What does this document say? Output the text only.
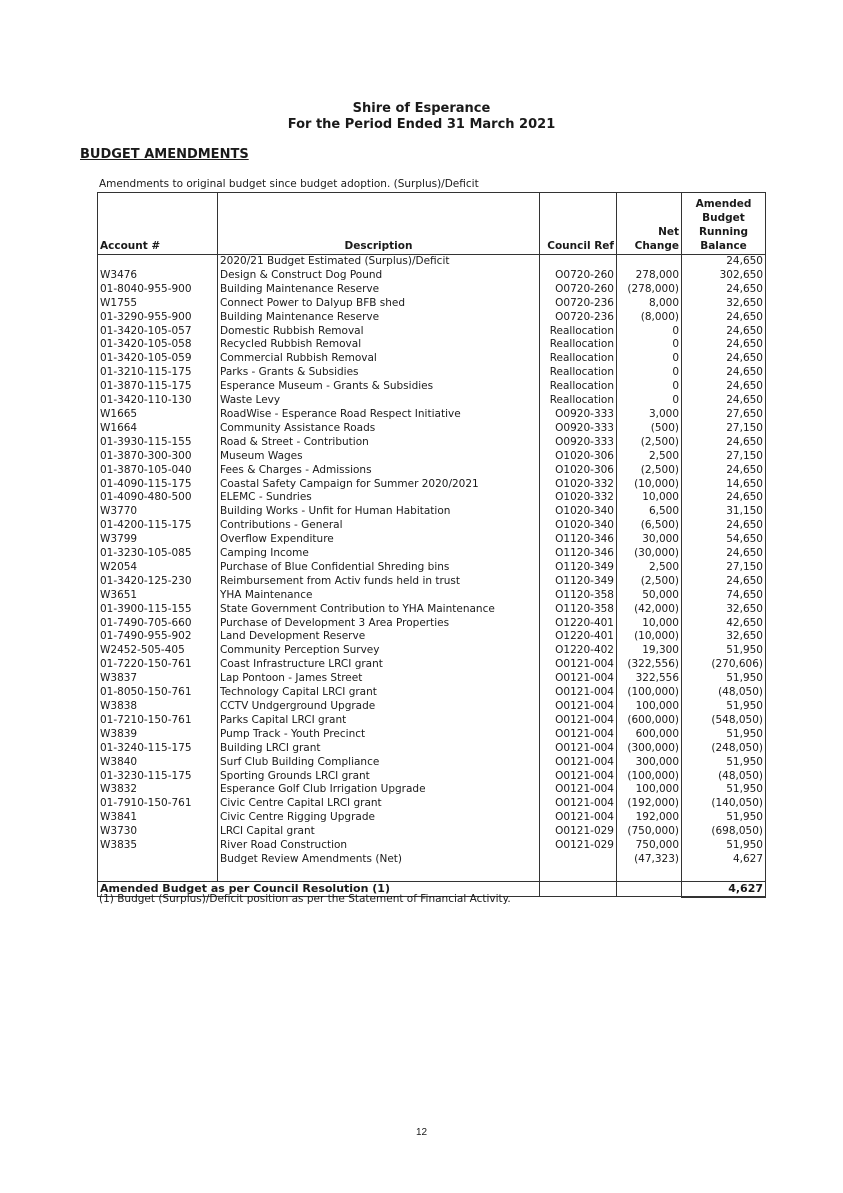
Shire of Esperance
For the Period Ended 31 March 2021
BUDGET AMENDMENTS
Amendments to original budget since budget adoption. (Surplus)/Deficit
Account #	Description	Council Ref	Net Change	Amended Budget Running Balance
	2020/21 Budget Estimated (Surplus)/Deficit			24,650
W3476	Design & Construct Dog Pound	O0720-260	278,000	302,650
01-8040-955-900	Building Maintenance Reserve	O0720-260	(278,000)	24,650
W1755	Connect Power to Dalyup BFB shed	O0720-236	8,000	32,650
01-3290-955-900	Building Maintenance Reserve	O0720-236	(8,000)	24,650
01-3420-105-057	Domestic Rubbish Removal	Reallocation	0	24,650
01-3420-105-058	Recycled Rubbish Removal	Reallocation	0	24,650
01-3420-105-059	Commercial Rubbish Removal	Reallocation	0	24,650
01-3210-115-175	Parks - Grants & Subsidies	Reallocation	0	24,650
01-3870-115-175	Esperance Museum - Grants & Subsidies	Reallocation	0	24,650
01-3420-110-130	Waste Levy	Reallocation	0	24,650
W1665	RoadWise - Esperance Road Respect Initiative	O0920-333	3,000	27,650
W1664	Community Assistance Roads	O0920-333	(500)	27,150
01-3930-115-155	Road & Street - Contribution	O0920-333	(2,500)	24,650
01-3870-300-300	Museum Wages	O1020-306	2,500	27,150
01-3870-105-040	Fees & Charges - Admissions	O1020-306	(2,500)	24,650
01-4090-115-175	Coastal Safety Campaign for Summer 2020/2021	O1020-332	(10,000)	14,650
01-4090-480-500	ELEMC - Sundries	O1020-332	10,000	24,650
W3770	Building Works - Unfit for Human Habitation	O1020-340	6,500	31,150
01-4200-115-175	Contributions - General	O1020-340	(6,500)	24,650
W3799	Overflow Expenditure	O1120-346	30,000	54,650
01-3230-105-085	Camping Income	O1120-346	(30,000)	24,650
W2054	Purchase of Blue Confidential Shreding bins	O1120-349	2,500	27,150
01-3420-125-230	Reimbursement from Activ funds held in trust	O1120-349	(2,500)	24,650
W3651	YHA Maintenance	O1120-358	50,000	74,650
01-3900-115-155	State Government Contribution to YHA Maintenance	O1120-358	(42,000)	32,650
01-7490-705-660	Purchase of Development 3 Area Properties	O1220-401	10,000	42,650
01-7490-955-902	Land Development Reserve	O1220-401	(10,000)	32,650
W2452-505-405	Community Perception Survey	O1220-402	19,300	51,950
01-7220-150-761	Coast Infrastructure LRCI grant	O0121-004	(322,556)	(270,606)
W3837	Lap Pontoon - James Street	O0121-004	322,556	51,950
01-8050-150-761	Technology Capital LRCI grant	O0121-004	(100,000)	(48,050)
W3838	CCTV Undgerground Upgrade	O0121-004	100,000	51,950
01-7210-150-761	Parks Capital LRCI grant	O0121-004	(600,000)	(548,050)
W3839	Pump Track - Youth Precinct	O0121-004	600,000	51,950
01-3240-115-175	Building LRCI grant	O0121-004	(300,000)	(248,050)
W3840	Surf Club Building Compliance	O0121-004	300,000	51,950
01-3230-115-175	Sporting Grounds LRCI grant	O0121-004	(100,000)	(48,050)
W3832	Esperance Golf Club Irrigation Upgrade	O0121-004	100,000	51,950
01-7910-150-761	Civic Centre Capital LRCI grant	O0121-004	(192,000)	(140,050)
W3841	Civic Centre Rigging Upgrade	O0121-004	192,000	51,950
W3730	LRCI Capital grant	O0121-029	(750,000)	(698,050)
W3835	River Road Construction	O0121-029	750,000	51,950
	Budget Review Amendments (Net)		(47,323)	4,627

Amended Budget as per Council Resolution (1)				4,627
(1) Budget (Surplus)/Deficit position as per the Statement of Financial Activity.
12
